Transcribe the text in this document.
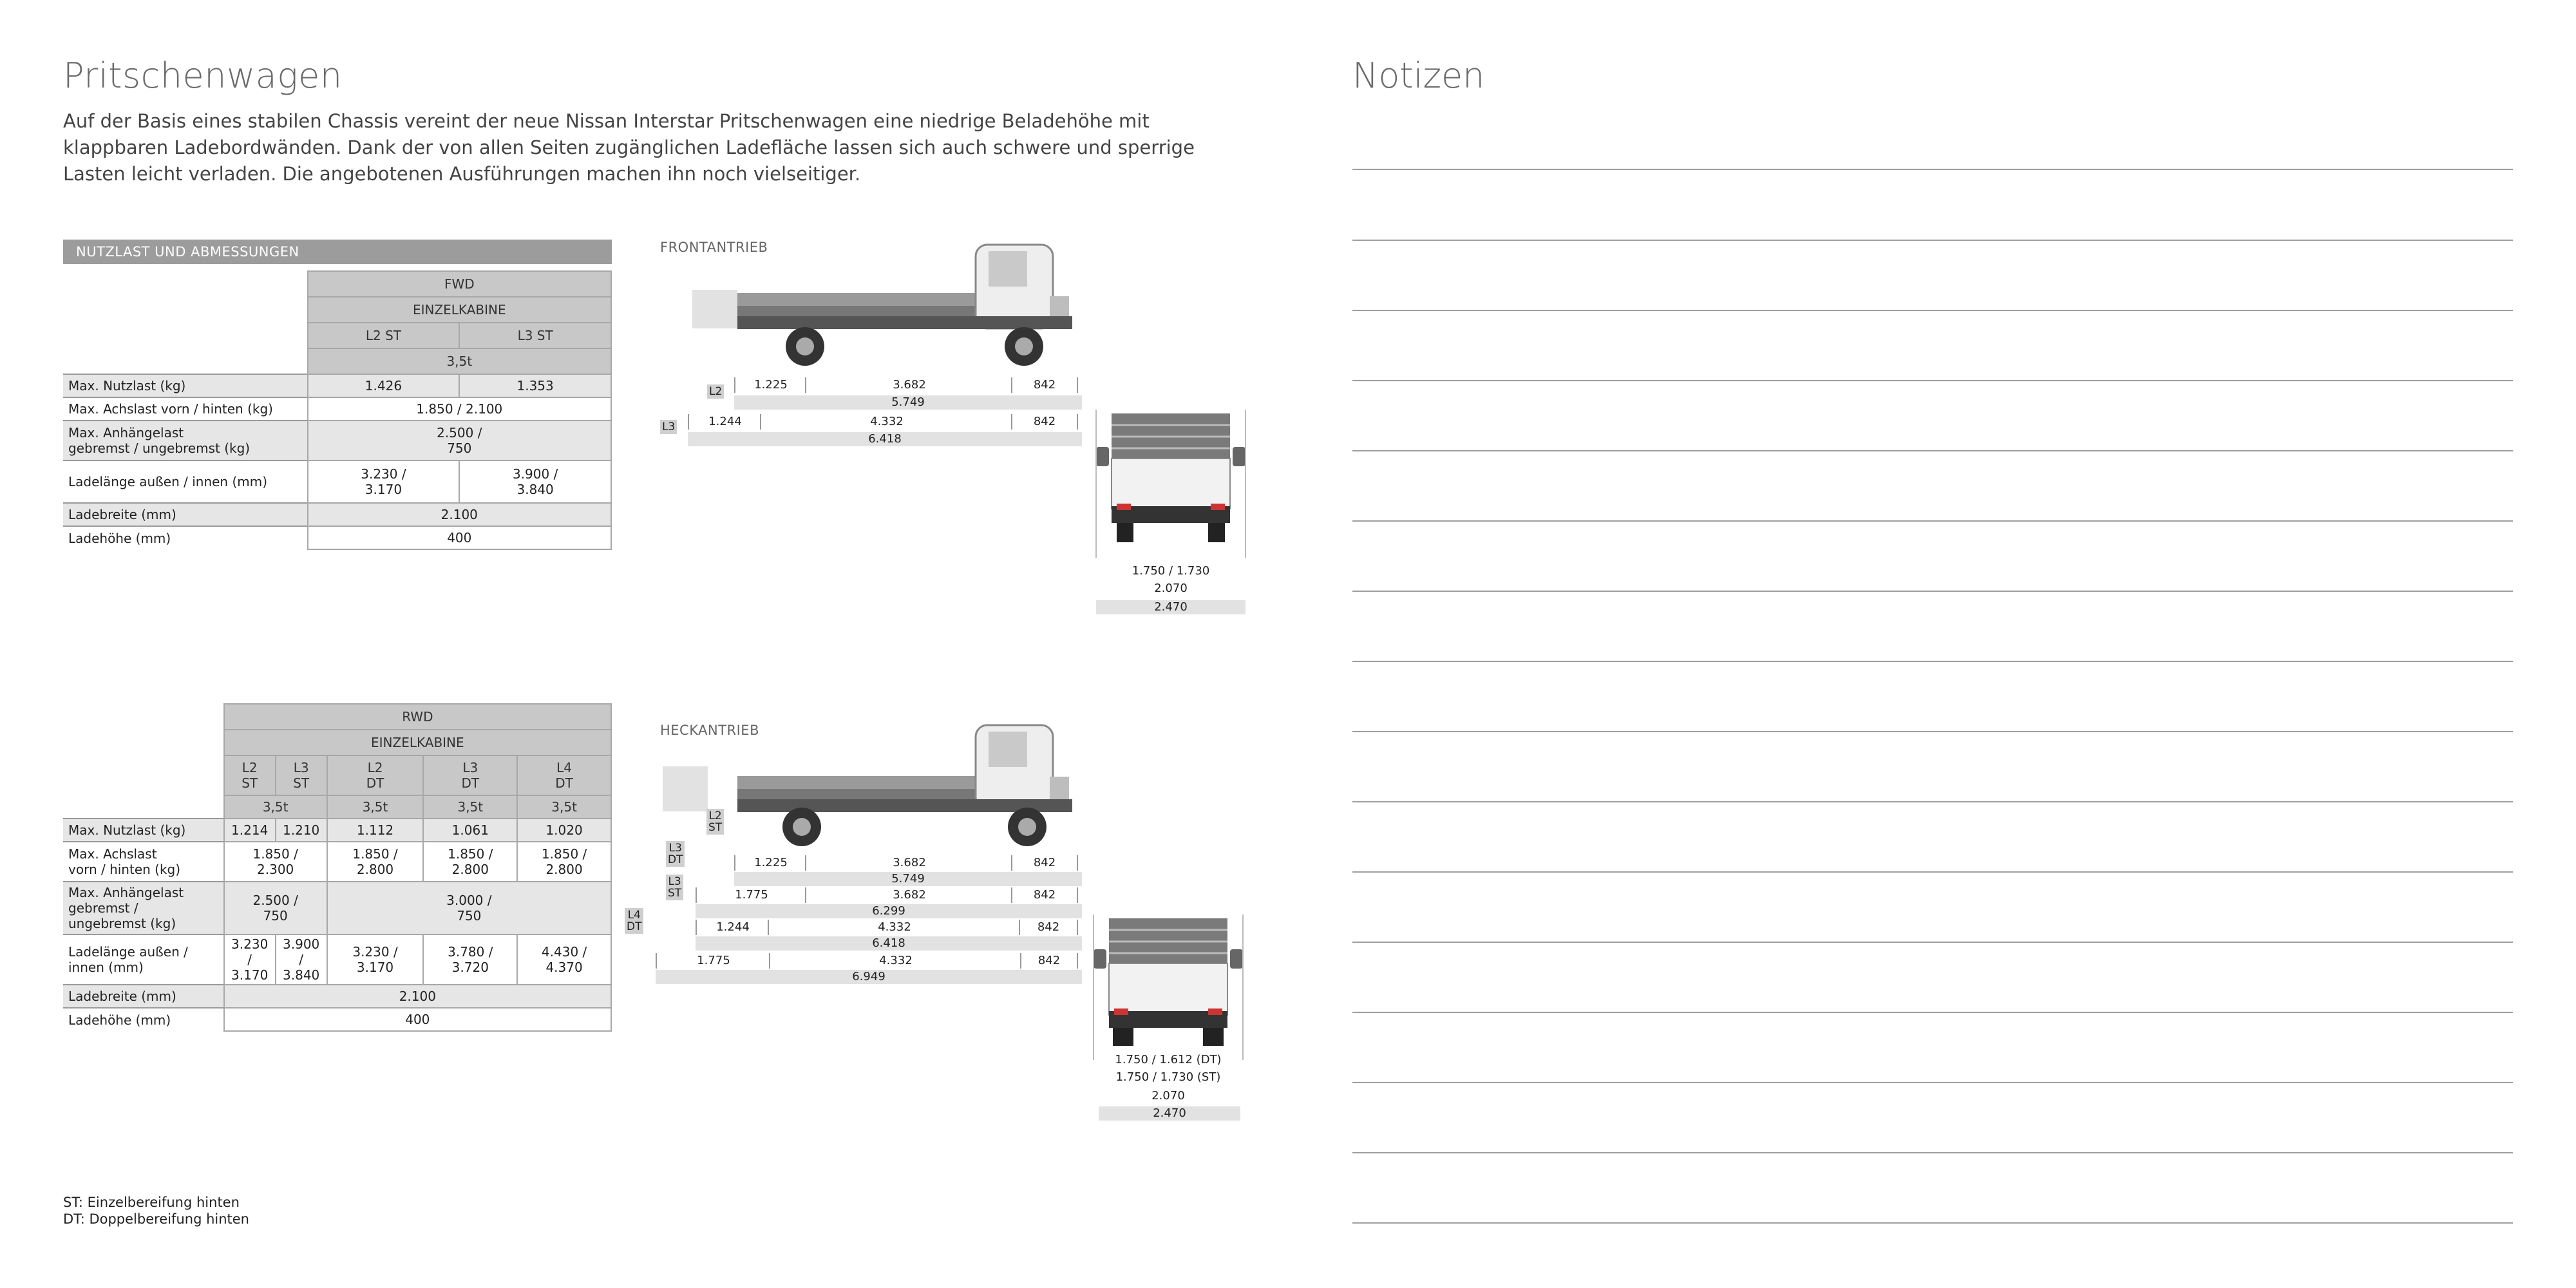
Pritschenwagen
Auf der Basis eines stabilen Chassis vereint der neue Nissan Interstar Pritschenwagen eine niedrige Beladehöhe mit klappbaren Ladebordwänden. Dank der von allen Seiten zugänglichen Ladefläche lassen sich auch schwere und sperrige Lasten leicht verladen. Die angebotenen Ausführungen machen ihn noch vielseitiger.
NUTZLAST UND ABMESSUNGEN
	FWD	
	EINZELKABINE	
	L2 ST	L3 ST
	3,5t	
Max. Nutzlast (kg)	1.426	1.353
Max. Achslast vorn / hinten (kg)	1.850 / 2.100	
Max. Anhängelast
gebremst / ungebremst (kg)	2.500 /
750	
Ladelänge außen / innen (mm)	3.230 /
3.170	3.900 /
3.840
Ladebreite (mm)	2.100	
Ladehöhe (mm)	400	
FRONTANTRIEB
L2	1.225	3.682	842
5.749
L3	1.244	4.332	842
6.418
1.750 / 1.730
2.070
2.470
	RWD				
	EINZELKABINE				
	L2
ST	L3
ST	L2
DT	L3
DT	L4
DT
	3,5t		3,5t	3,5t	3,5t
Max. Nutzlast (kg)	1.214	1.210	1.112	1.061	1.020
Max. Achslast
vorn / hinten (kg)	1.850 /
2.300		1.850 /
2.800	1.850 /
2.800	1.850 /
2.800
Max. Anhängelast
gebremst /
ungebremst (kg)	2.500 /
750		3.000 /
750		
Ladelänge außen /
innen (mm)	3.230 /
3.170	3.900 /
3.840	3.230 /
3.170	3.780 /
3.720	4.430 /
4.370
Ladebreite (mm)	2.100				
Ladehöhe (mm)	400				
HECKANTRIEB
L2
ST
L3
DT
L3
ST
L4
DT
1.225	3.682	842
5.749
1.775	3.682	842
6.299
1.244	4.332	842
6.418
1.775	4.332	842
6.949
1.750 / 1.612 (DT)
1.750 / 1.730 (ST)
2.070
2.470
ST: Einzelbereifung hinten
DT: Doppelbereifung hinten
Notizen
